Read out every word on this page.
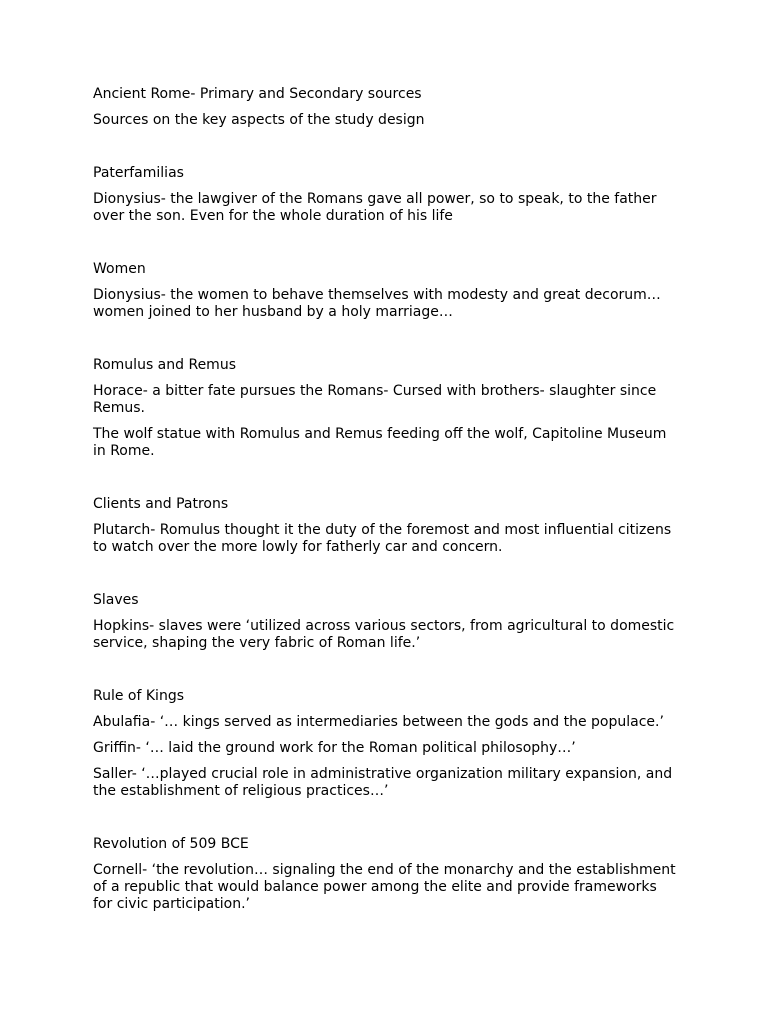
Ancient Rome- Primary and Secondary sources

Sources on the key aspects of the study design

Paterfamilias

Dionysius- the lawgiver of the Romans gave all power, so to speak, to the father over the son. Even for the whole duration of his life

Women

Dionysius- the women to behave themselves with modesty and great decorum… women joined to her husband by a holy marriage…

Romulus and Remus

Horace- a bitter fate pursues the Romans- Cursed with brothers- slaughter since Remus.

The wolf statue with Romulus and Remus feeding off the wolf, Capitoline Museum in Rome.

Clients and Patrons

Plutarch- Romulus thought it the duty of the foremost and most influential citizens to watch over the more lowly for fatherly car and concern.

Slaves

Hopkins- slaves were ‘utilized across various sectors, from agricultural to domestic service, shaping the very fabric of Roman life.’

Rule of Kings

Abulafia- ‘… kings served as intermediaries between the gods and the populace.’

Griffin- ‘… laid the ground work for the Roman political philosophy…’

Saller- ‘…played crucial role in administrative organization military expansion, and the establishment of religious practices…’

Revolution of 509 BCE

Cornell- ‘the revolution… signaling the end of the monarchy and the establishment of a republic that would balance power among the elite and provide frameworks for civic participation.’
